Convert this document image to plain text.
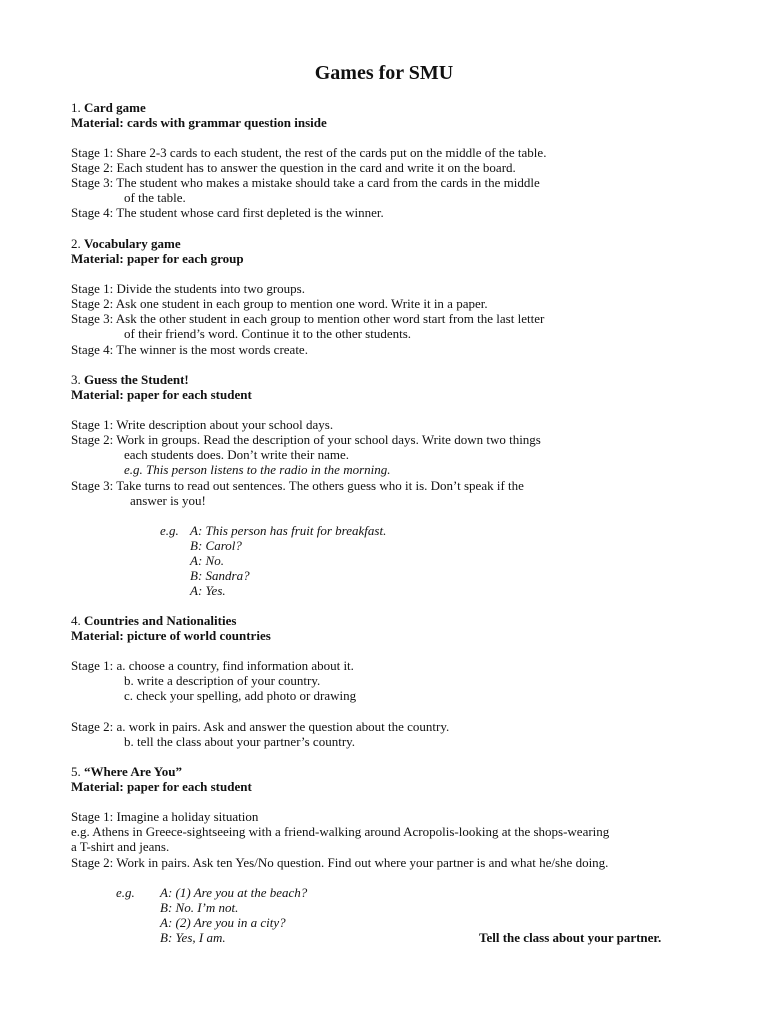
Games for SMU
1. Card game
Material: cards with grammar question inside
Stage 1: Share 2-3 cards to each student, the rest of the cards put on the middle of the table.
Stage 2: Each student has to answer the question in the card and write it on the board.
Stage 3: The student who makes a mistake should take a card from the cards in the middle
of the table.
Stage 4: The student whose card first depleted is the winner.
2. Vocabulary game
Material: paper for each group
Stage 1: Divide the students into two groups.
Stage 2: Ask one student in each group to mention one word. Write it in a paper.
Stage 3: Ask the other student in each group to mention other word start from the last letter
of their friend’s word. Continue it to the other students.
Stage 4: The winner is the most words create.
3. Guess the Student!
Material: paper for each student
Stage 1: Write description about your school days.
Stage 2: Work in groups. Read the description of your school days. Write down two things
each students does. Don’t write their name.
e.g. This person listens to the radio in the morning.
Stage 3: Take turns to read out sentences. The others guess who it is. Don’t speak if the
answer is you!
e.g. A: This person has fruit for breakfast.
B: Carol?
A: No.
B: Sandra?
A: Yes.
4. Countries and Nationalities
Material: picture of world countries
Stage 1: a. choose a country, find information about it.
b. write a description of your country.
c. check your spelling, add photo or drawing
Stage 2: a. work in pairs. Ask and answer the question about the country.
b. tell the class about your partner’s country.
5. “Where Are You”
Material: paper for each student
Stage 1: Imagine a holiday situation
e.g. Athens in Greece-sightseeing with a friend-walking around Acropolis-looking at the shops-wearing
a T-shirt and jeans.
Stage 2: Work in pairs. Ask ten Yes/No question. Find out where your partner is and what he/she doing.
e.g. A: (1) Are you at the beach?
B: No. I’m not.
A: (2) Are you in a city?
B: Yes, I am.	Tell the class about your partner.
